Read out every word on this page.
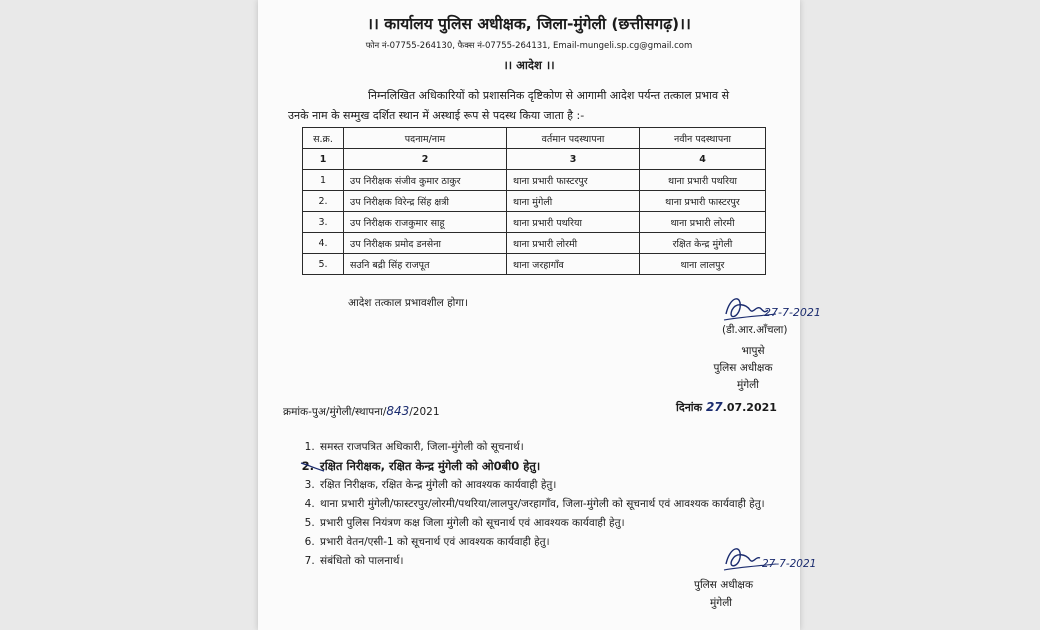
।। कार्यालय पुलिस अधीक्षक, जिला-मुंगेली (छत्तीसगढ़)।।
फोन नं-07755-264130, फैक्स नं-07755-264131, Email-mungeli.sp.cg@gmail.com
।। आदेश ।।

निम्नलिखित अधिकारियों को प्रशासनिक दृष्टिकोण से आगामी आदेश पर्यन्त तत्काल प्रभाव से

उनके नाम के सम्मुख दर्शित स्थान में अस्थाई रूप से पदस्थ किया जाता है :-

स.क्र.	पदनाम/नाम	वर्तमान पदस्थापना	नवीन पदस्थापना
1	2	3	4
1	उप निरीक्षक संजीव कुमार ठाकुर	थाना प्रभारी फास्टरपुर	थाना प्रभारी पथरिया
2.	उप निरीक्षक विरेन्द्र सिंह क्षत्री	थाना मुंगेली	थाना प्रभारी फास्टरपुर
3.	उप निरीक्षक राजकुमार साहू	थाना प्रभारी पथरिया	थाना प्रभारी लोरमी
4.	उप निरीक्षक प्रमोद डनसेना	थाना प्रभारी लोरमी	रक्षित केन्द्र मुंगेली
5.	सउनि बद्री सिंह राजपूत	थाना जरहागाँव	थाना लालपुर
आदेश तत्काल प्रभावशील होगा।
27-7-2021
(डी.आर.आँचला)
भापुसे
पुलिस अधीक्षक
मुंगेली
क्रमांक-पुअ/मुंगेली/स्थापना/843/2021	दिनांक 27.07.2021
1. समस्त राजपत्रित अधिकारी, जिला-मुंगेली को सूचनार्थ।
2. रक्षित निरीक्षक, रक्षित केन्द्र मुंगेली को ओ0बी0 हेतु।
3. रक्षित निरीक्षक, रक्षित केन्द्र मुंगेली को आवश्यक कार्यवाही हेतु।
4. थाना प्रभारी मुंगेली/फास्टरपुर/लोरमी/पथरिया/लालपुर/जरहागाँव, जिला-मुंगेली को सूचनार्थ एवं आवश्यक कार्यवाही हेतु।
5. प्रभारी पुलिस नियंत्रण कक्ष जिला मुंगेली को सूचनार्थ एवं आवश्यक कार्यवाही हेतु।
6. प्रभारी वेतन/एसी-1 को सूचनार्थ एवं आवश्यक कार्यवाही हेतु।
7. संबंधितो को पालनार्थ।	27-7-2021
पुलिस अधीक्षक
मुंगेली
